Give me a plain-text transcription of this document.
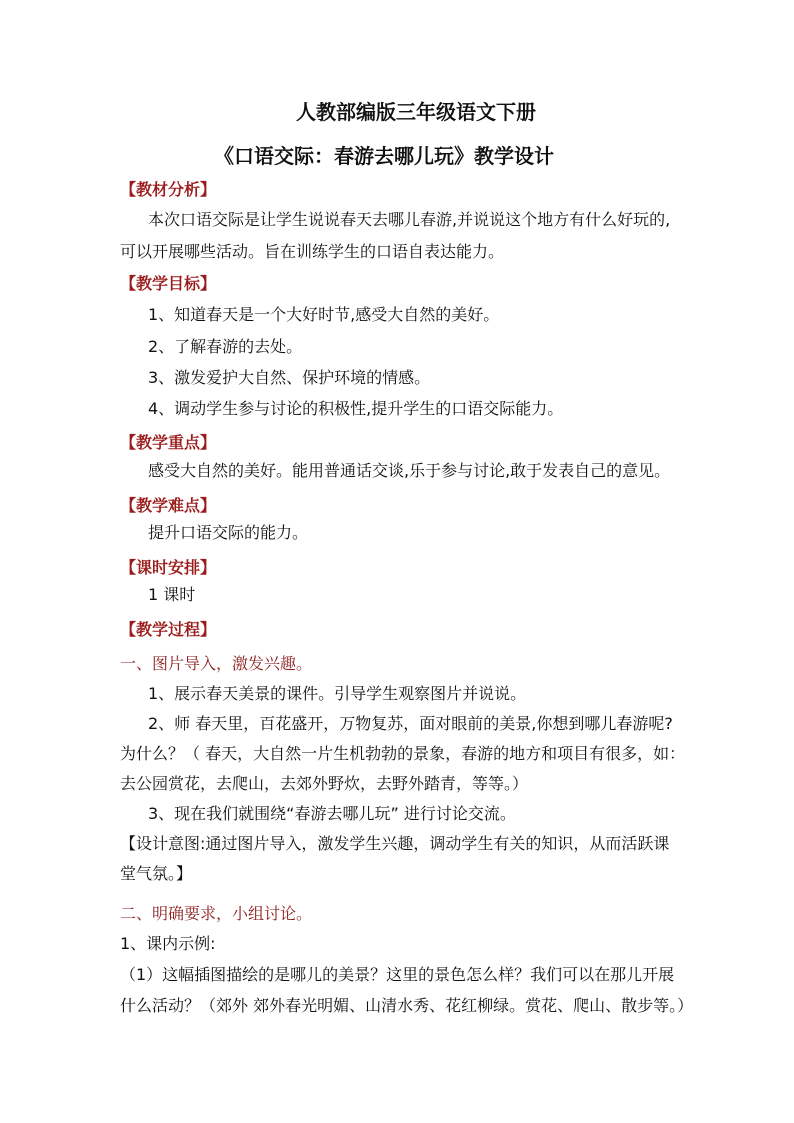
人教部编版三年级语文下册
《口语交际：春游去哪儿玩》教学设计
【教材分析】
本次口语交际是让学生说说春天去哪儿春游,并说说这个地方有什么好玩的,
可以开展哪些活动。旨在训练学生的口语自表达能力。
【教学目标】
1、知道春天是一个大好时节,感受大自然的美好。
2、了解春游的去处。
3、激发爱护大自然、保护环境的情感。
4、调动学生参与讨论的积极性,提升学生的口语交际能力。
【教学重点】
感受大自然的美好。能用普通话交谈,乐于参与讨论,敢于发表自己的意见。
【教学难点】
提升口语交际的能力。
【课时安排】
1 课时
【教学过程】
一、图片导入，激发兴趣。
1、展示春天美景的课件。引导学生观察图片并说说。
2、师 春天里，百花盛开，万物复苏，面对眼前的美景,你想到哪儿春游呢?
为什么？（ 春天，大自然一片生机勃勃的景象，春游的地方和项目有很多，如：
去公园赏花，去爬山，去郊外野炊，去野外踏青，等等。）
3、现在我们就围绕“春游去哪儿玩” 进行讨论交流。
【设计意图:通过图片导入，激发学生兴趣，调动学生有关的知识，从而活跃课
堂气氛。】
二、明确要求，小组讨论。
1、课内示例:
（1）这幅插图描绘的是哪儿的美景？这里的景色怎么样？我们可以在那儿开展
什么活动？（郊外 郊外春光明媚、山清水秀、花红柳绿。赏花、爬山、散步等。）
